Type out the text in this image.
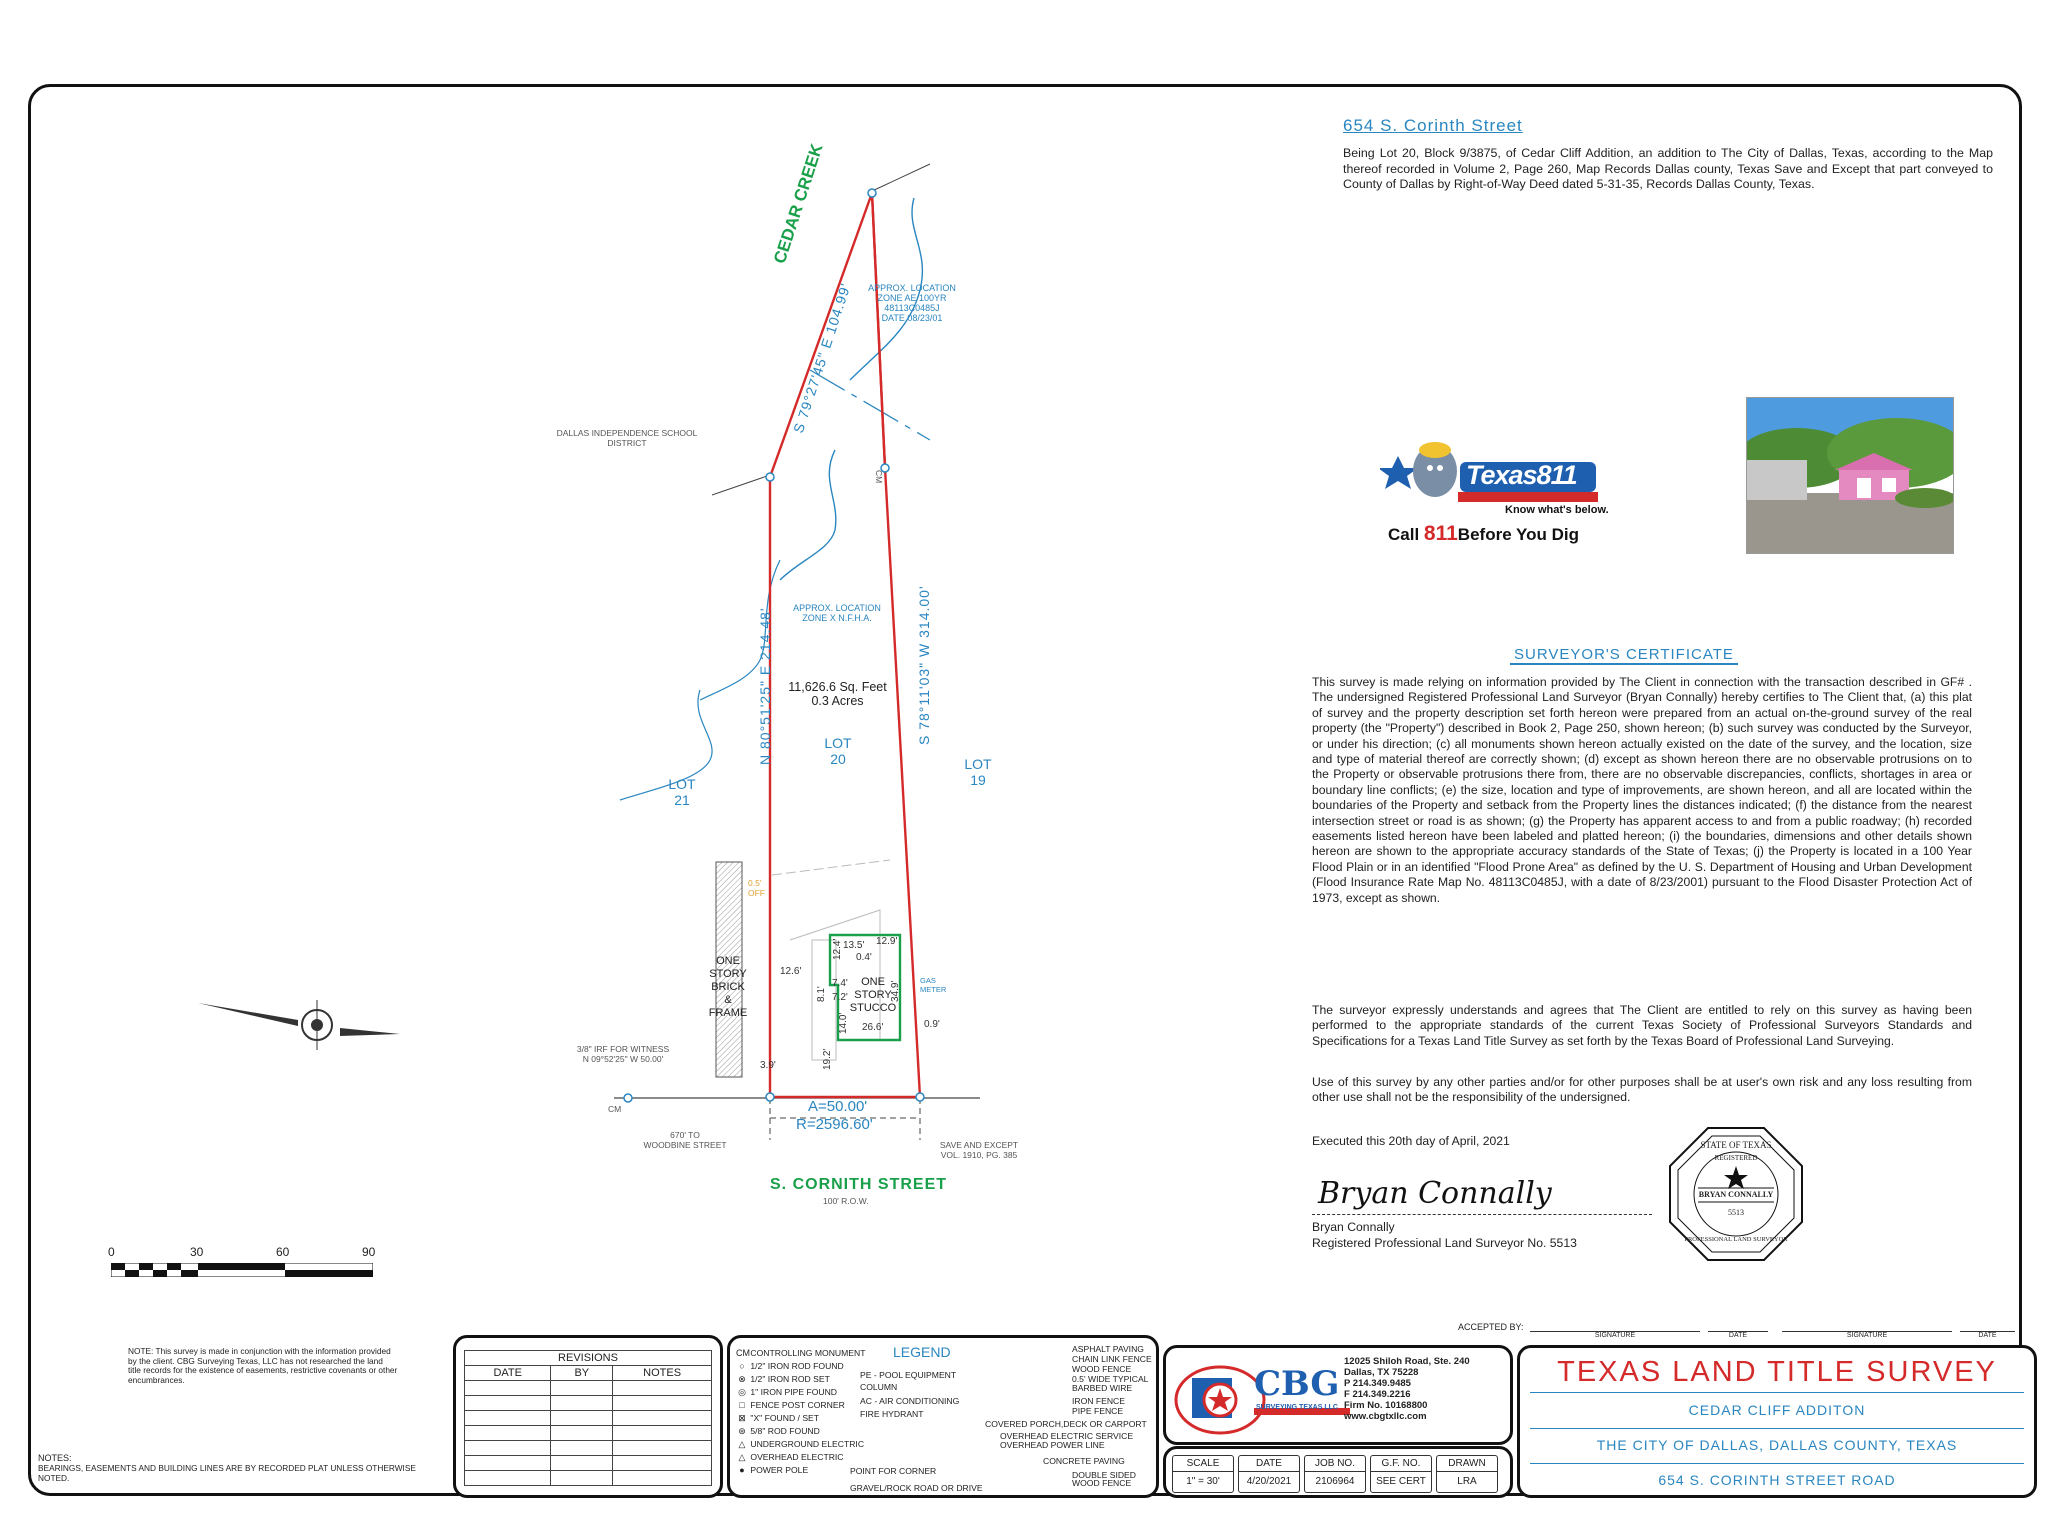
654 S. Corinth Street
Being Lot 20, Block 9/3875, of Cedar Cliff Addition, an addition to The City of Dallas, Texas, according to the Map thereof recorded in Volume 2, Page 260, Map Records Dallas county, Texas Save and Except that part conveyed to County of Dallas by Right-of-Way Deed dated 5-31-35, Records Dallas County, Texas.
Texas811
Know what's below.
Call 811Before You Dig
SURVEYOR'S CERTIFICATE
This survey is made relying on information provided by The Client in connection with the transaction described in GF# . The undersigned Registered Professional Land Surveyor (Bryan Connally) hereby certifies to The Client that, (a) this plat of survey and the property description set forth hereon were prepared from an actual on-the-ground survey of the real property (the "Property") described in Book 2, Page 250, shown hereon; (b) such survey was conducted by the Surveyor, or under his direction; (c) all monuments shown hereon actually existed on the date of the survey, and the location, size and type of material thereof are correctly shown; (d) except as shown hereon there are no observable protrusions on to the Property or observable protrusions there from, there are no observable discrepancies, conflicts, shortages in area or boundary line conflicts; (e) the size, location and type of improvements, are shown hereon, and all are located within the boundaries of the Property and setback from the Property lines the distances indicated; (f) the distance from the nearest intersection street or road is as shown; (g) the Property has apparent access to and from a public roadway; (h) recorded easements listed hereon have been labeled and platted hereon; (i) the boundaries, dimensions and other details shown hereon are shown to the appropriate accuracy standards of the State of Texas; (j) the Property is located in a 100 Year Flood Plain or in an identified "Flood Prone Area" as defined by the U. S. Department of Housing and Urban Development (Flood Insurance Rate Map No. 48113C0485J, with a date of 8/23/2001) pursuant to the Flood Disaster Protection Act of 1973, except as shown.
The surveyor expressly understands and agrees that The Client are entitled to rely on this survey as having been performed to the appropriate standards of the current Texas Society of Professional Surveyors Standards and Specifications for a Texas Land Title Survey as set forth by the Texas Board of Professional Land Surveying.
Use of this survey by any other parties and/or for other purposes shall be at user's own risk and any loss resulting from other use shall not be the responsibility of the undersigned.
Executed this 20th day of April, 2021
Bryan Connally
Bryan Connally
Registered Professional Land Surveyor No. 5513
STATE OF TEXAS
REGISTERED
BRYAN CONNALLY
5513
PROFESSIONAL LAND SURVEYOR
ACCEPTED BY:
SIGNATURE	DATE	SIGNATURE	DATE
CEDAR CREEK
S 79°27'45" E 104.99'
N 80°51'25" E 214.48'	S 78°11'03" W 314.00'
APPROX. LOCATION
ZONE AE 100YR
48113C0485J
DATE 08/23/01
APPROX. LOCATION
ZONE X N.F.H.A.
DALLAS INDEPENDENCE SCHOOL
DISTRICT
11,626.6 Sq. Feet
0.3 Acres
LOT
20
LOT
21
LOT
19
CM
CM
0.5'
OFF
ONE
STORY
BRICK
&
FRAME
ONE
STORY
STUCCO
12.6'
13.5' 12.9'
0.4'
12.4'
7.4'
7.2'
8.1'
14.0'
34.9'
26.6'	0.9'
19.2'
3.9'
GAS
METER
3/8" IRF FOR WITNESS
N 09°52'25" W 50.00'
670' TO
WOODBINE STREET	SAVE AND EXCEPT
VOL. 1910, PG. 385
A=50.00'
R=2596.60'
S. CORNITH STREET
100' R.O.W.
0	30	60	90
NOTE: This survey is made in conjunction with the information provided by the client. CBG Surveying Texas, LLC has not researched the land title records for the existence of easements, restrictive covenants or other encumbrances.
NOTES:
BEARINGS, EASEMENTS AND BUILDING LINES ARE BY RECORDED PLAT UNLESS OTHERWISE NOTED.
REVISIONS		
DATE	BY	NOTES

LEGEND
CM CONTROLLING MONUMENT
○ 1/2" IRON ROD FOUND
⊗ 1/2" IRON ROD SET
◎ 1" IRON PIPE FOUND
□ FENCE POST CORNER
⊠ "X" FOUND / SET
⊛ 5/8" ROD FOUND
△ UNDERGROUND ELECTRIC
△ OVERHEAD ELECTRIC
● POWER POLE
PE - POOL EQUIPMENT
COLUMN
AC - AIR CONDITIONING
FIRE HYDRANT
POINT FOR CORNER
ASPHALT PAVING
CHAIN LINK FENCE
WOOD FENCE
0.5' WIDE TYPICAL
BARBED WIRE
IRON FENCE
PIPE FENCE
COVERED PORCH,DECK OR CARPORT
OVERHEAD ELECTRIC SERVICE
OVERHEAD POWER LINE
CONCRETE PAVING
DOUBLE SIDED
WOOD FENCE
GRAVEL/ROCK ROAD OR DRIVE
CBG
SURVEYING TEXAS LLC
12025 Shiloh Road, Ste. 240
Dallas, TX 75228
P 214.349.9485
F 214.349.2216
Firm No. 10168800
www.cbgtxllc.com
SCALE
1" = 30'
DATE
4/20/2021
JOB NO.
2106964
G.F. NO.
SEE CERT
DRAWN
LRA
TEXAS LAND TITLE SURVEY
CEDAR CLIFF ADDITON
THE CITY OF DALLAS, DALLAS COUNTY, TEXAS
654 S. CORINTH STREET ROAD
